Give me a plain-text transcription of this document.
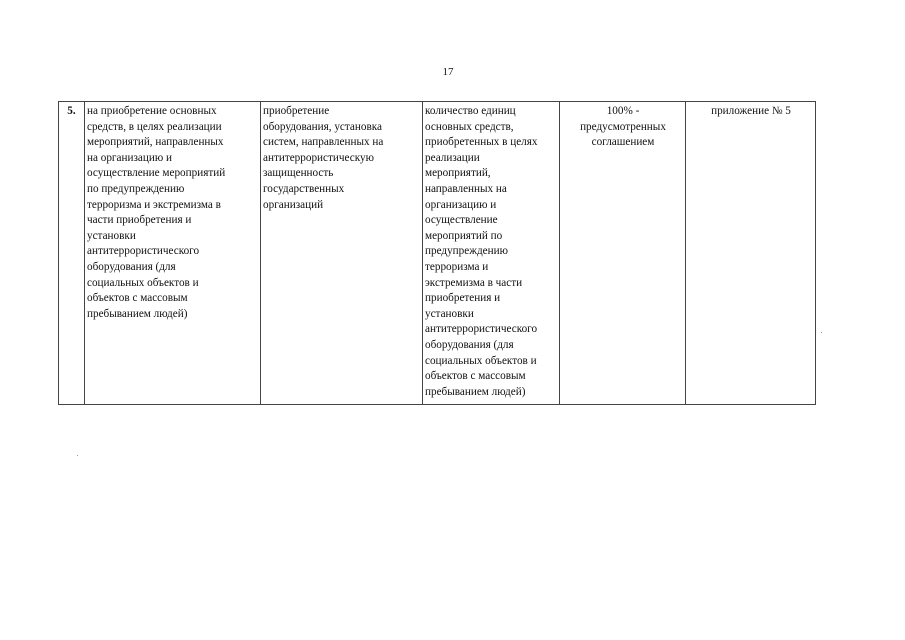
17
5.	на приобретение основных
средств, в целях реализации
мероприятий, направленных
на организацию и
осуществление мероприятий
по предупреждению
терроризма и экстремизма в
части приобретения и
установки
антитеррористического
оборудования (для
социальных объектов и
объектов с массовым
пребыванием людей)	приобретение
оборудования, установка
систем, направленных на
антитеррористическую
защищенность
государственных
организаций	количество единиц
основных средств,
приобретенных в целях
реализации
мероприятий,
направленных на
организацию и
осуществление
мероприятий по
предупреждению
терроризма и
экстремизма в части
приобретения и
установки
антитеррористического
оборудования (для
социальных объектов и
объектов с массовым
пребыванием людей)	100% -
предусмотренных
соглашением	приложение № 5
